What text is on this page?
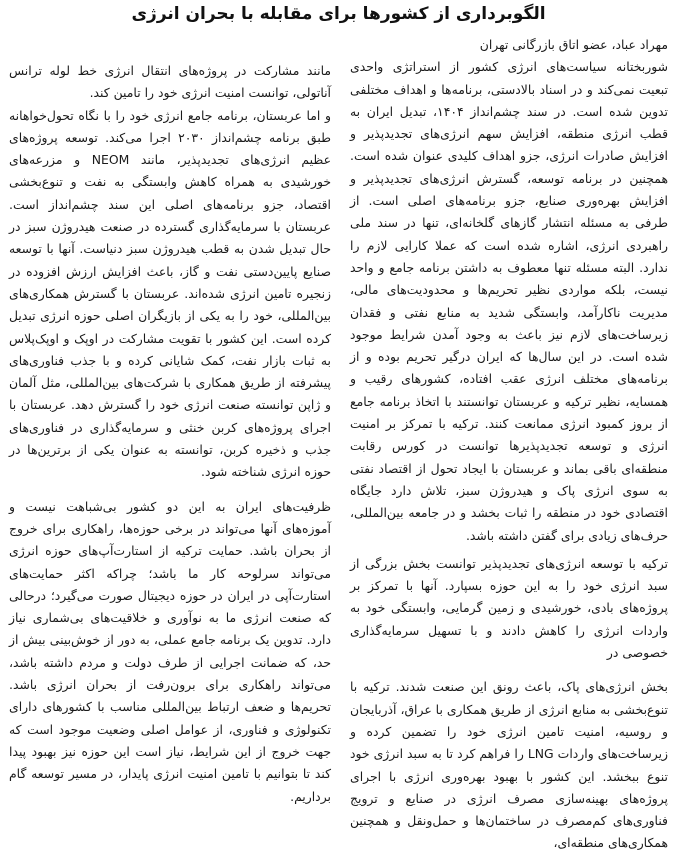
الگوبرداری از کشورها برای مقابله با بحران انرژی

مهراد عباد، عضو اتاق بازرگانی تهران

شوربختانه سیاست‌های انرژی کشور از استراتژی واحدی تبعیت نمی‌کند و در اسناد بالادستی، برنامه‌ها و اهداف مختلفی تدوین شده است. در سند چشم‌انداز ۱۴۰۴، تبدیل ایران به قطب انرژی منطقه، افزایش سهم انرژی‌های تجدیدپذیر و افزایش صادرات انرژی، جزو اهداف کلیدی عنوان شده است. همچنین در برنامه توسعه، گسترش انرژی‌های تجدیدپذیر و افزایش بهره‌وری صنایع، جزو برنامه‌های اصلی است. از طرفی به مسئله انتشار گازهای گلخانه‌ای، تنها در سند ملی راهبردی انرژی، اشاره شده است که عملا کارایی لازم را ندارد. البته مسئله تنها معطوف به داشتن برنامه جامع و واحد نیست، بلکه مواردی نظیر تحریم‌ها و محدودیت‌های مالی، مدیریت ناکارآمد، وابستگی شدید به منابع نفتی و فقدان زیرساخت‌های لازم نیز باعث به وجود آمدن شرایط موجود شده است. در این سال‌ها که ایران درگیر تحریم بوده و از برنامه‌های مختلف انرژی عقب افتاده، کشورهای رقیب و همسایه، نظیر ترکیه و عربستان توانستند با اتخاذ برنامه جامع از بروز کمبود انرژی ممانعت کنند. ترکیه با تمرکز بر امنیت انرژی و توسعه تجدیدپذیرها توانست در کورس رقابت منطقه‌ای باقی بماند و عربستان با ایجاد تحول از اقتصاد نفتی به سوی انرژی پاک و هیدروژن سبز، تلاش دارد جایگاه اقتصادی خود در منطقه را ثبات بخشد و در جامعه بین‌المللی، حرف‌های زیادی برای گفتن داشته باشد.

ترکیه با توسعه انرژی‌های تجدیدپذیر توانست بخش بزرگی از سبد انرژی خود را به این حوزه بسپارد. آنها با تمرکز بر پروژه‌های بادی، خورشیدی و زمین گرمایی، وابستگی خود به واردات انرژی را کاهش دادند و با تسهیل سرمایه‌گذاری خصوصی در

بخش انرژی‌های پاک، باعث رونق این صنعت شدند. ترکیه با تنوع‌بخشی به منابع انرژی از طریق همکاری با عراق، آذربایجان و روسیه، امنیت تامین انرژی خود را تضمین کرده و زیرساخت‌های واردات LNG را فراهم کرد تا به سبد انرژی خود تنوع ببخشد. این کشور با بهبود بهره‌وری انرژی با اجرای پروژه‌های بهینه‌سازی مصرف انرژی در صنایع و ترویج فناوری‌های کم‌مصرف در ساختمان‌ها و حمل‌ونقل و همچنین همکاری‌های منطقه‌ای،

مانند مشارکت در پروژه‌های انتقال انرژی خط لوله ترانس آناتولی، توانست امنیت انرژی خود را تامین کند.

و اما عربستان، برنامه جامع انرژی خود را با نگاه تحول‌خواهانه طبق برنامه چشم‌انداز ۲۰۳۰ اجرا می‌کند. توسعه پروژه‌های عظیم انرژی‌های تجدیدپذیر، مانند NEOM و مزرعه‌های خورشیدی به همراه کاهش وابستگی به نفت و تنوع‌بخشی اقتصاد، جزو برنامه‌های اصلی این سند چشم‌انداز است. عربستان با سرمایه‌گذاری گسترده در صنعت هیدروژن سبز در حال تبدیل شدن به قطب هیدروژن سبز دنیاست. آنها با توسعه صنایع پایین‌دستی نفت و گاز، باعث افزایش ارزش افزوده در زنجیره تامین انرژی شده‌اند. عربستان با گسترش همکاری‌های بین‌المللی، خود را به یکی از بازیگران اصلی حوزه انرژی تبدیل کرده است. این کشور با تقویت مشارکت در اوپک و اوپک‌پلاس به ثبات بازار نفت، کمک شایانی کرده و با جذب فناوری‌های پیشرفته از طریق همکاری با شرکت‌های بین‌المللی، مثل آلمان و ژاپن توانسته صنعت انرژی خود را گسترش دهد. عربستان با اجرای پروژه‌های کربن خنثی و سرمایه‌گذاری در فناوری‌های جذب و ذخیره کربن، توانسته به عنوان یکی از برترین‌ها در حوزه انرژی شناخته شود.

ظرفیت‌های ایران به این دو کشور بی‌شباهت نیست و آموزه‌های آنها می‌تواند در برخی حوزه‌ها، راهکاری برای خروج از بحران باشد. حمایت ترکیه از استارت‌آپ‌های حوزه انرژی می‌تواند سرلوحه کار ما باشد؛ چراکه اکثر حمایت‌های استارت‌آپی در ایران در حوزه دیجیتال صورت می‌گیرد؛ درحالی که صنعت انرژی ما به نوآوری و خلاقیت‌های بی‌شماری نیاز دارد. تدوین یک برنامه جامع عملی، به دور از خوش‌بینی بیش از حد، که ضمانت اجرایی از طرف دولت و مردم داشته باشد، می‌تواند راهکاری برای برون‌رفت از بحران انرژی باشد. تحریم‌ها و ضعف ارتباط بین‌المللی مناسب با کشورهای دارای تکنولوژی و فناوری، از عوامل اصلی وضعیت موجود است که جهت خروج از این شرایط، نیاز است این حوزه نیز بهبود پیدا کند تا بتوانیم با تامین امنیت انرژی پایدار، در مسیر توسعه گام برداریم.
